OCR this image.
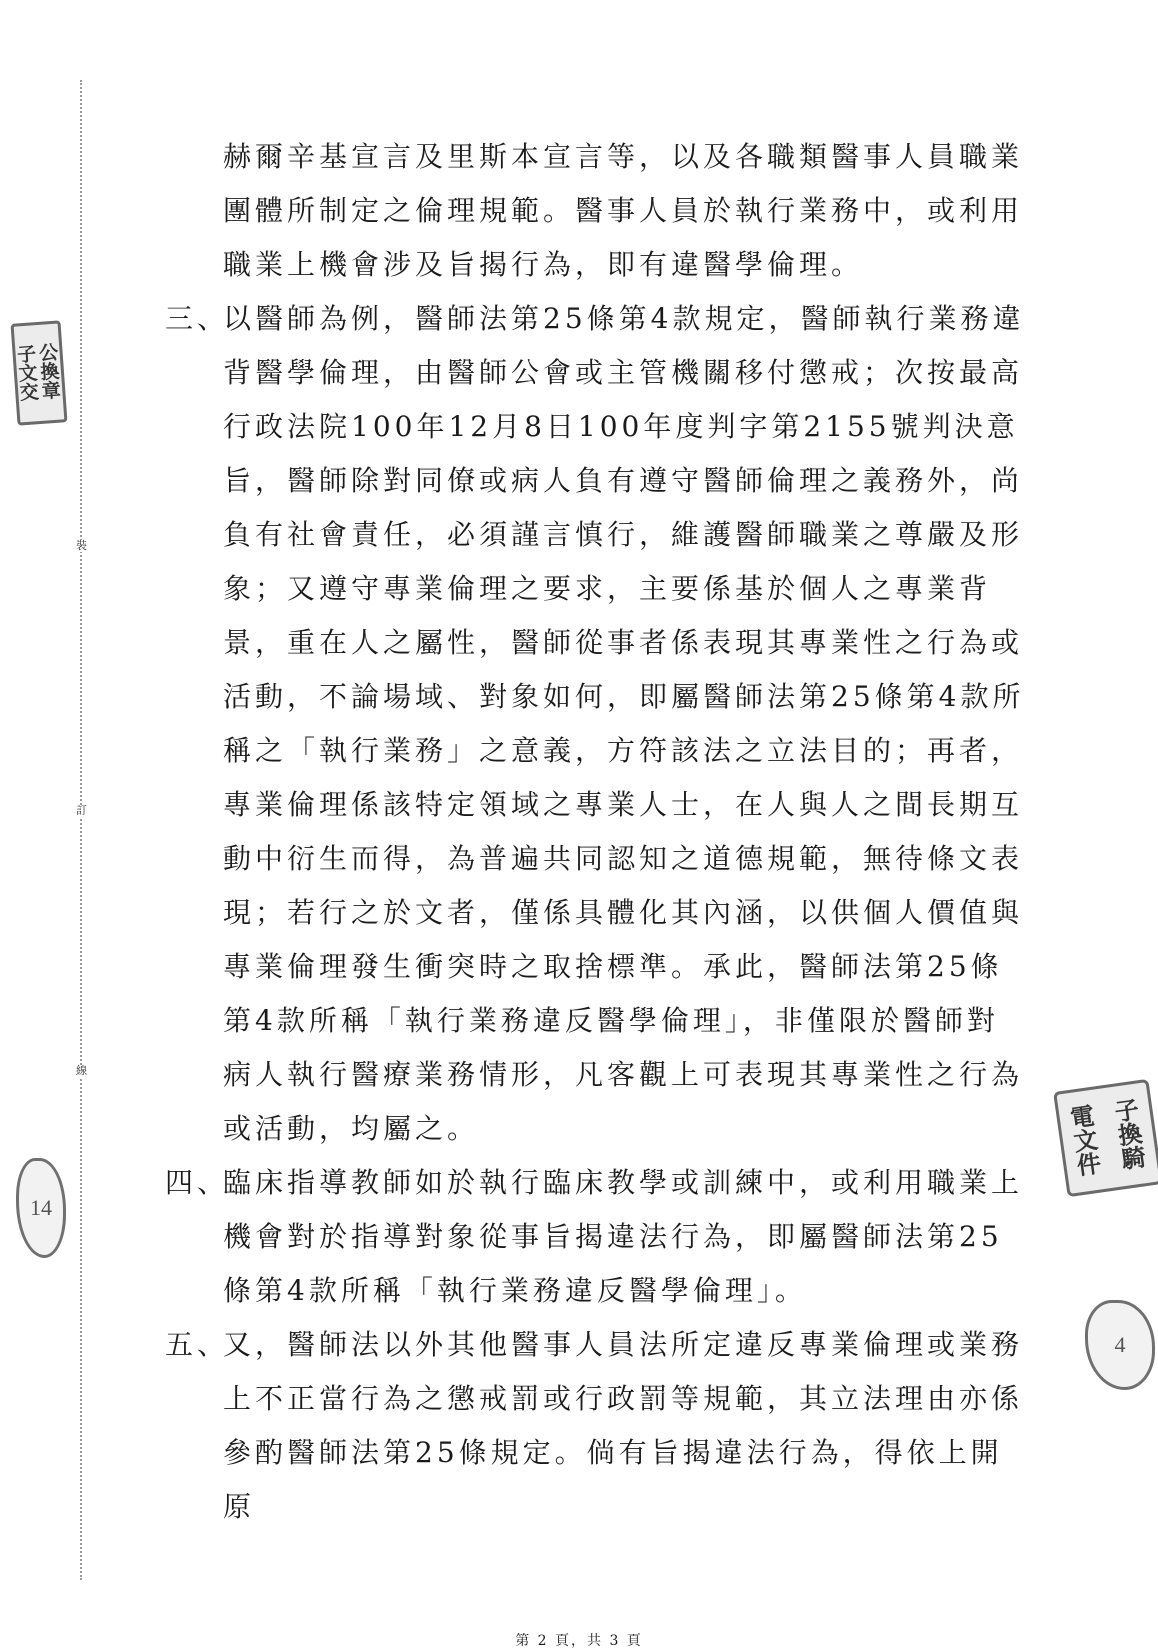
裝
訂
線
子 公
文 換
交 章
電 子
文 換
件 騎
14
4

赫爾辛基宣言及里斯本宣言等，以及各職類醫事人員職業團體所制定之倫理規範。醫事人員於執行業務中，或利用職業上機會涉及旨揭行為，即有違醫學倫理。

三、

以醫師為例，醫師法第25條第4款規定，醫師執行業務違背醫學倫理，由醫師公會或主管機關移付懲戒；次按最高行政法院100年12月8日100年度判字第2155號判決意旨，醫師除對同僚或病人負有遵守醫師倫理之義務外，尚負有社會責任，必須謹言慎行，維護醫師職業之尊嚴及形象；又遵守專業倫理之要求，主要係基於個人之專業背景，重在人之屬性，醫師從事者係表現其專業性之行為或活動，不論場域、對象如何，即屬醫師法第25條第4款所稱之「執行業務」之意義，方符該法之立法目的；再者，專業倫理係該特定領域之專業人士，在人與人之間長期互動中衍生而得，為普遍共同認知之道德規範，無待條文表現；若行之於文者，僅係具體化其內涵，以供個人價值與專業倫理發生衝突時之取捨標準。承此，醫師法第25條第4款所稱「執行業務違反醫學倫理」，非僅限於醫師對病人執行醫療業務情形，凡客觀上可表現其專業性之行為或活動，均屬之。

四、

臨床指導教師如於執行臨床教學或訓練中，或利用職業上機會對於指導對象從事旨揭違法行為，即屬醫師法第25條第4款所稱「執行業務違反醫學倫理」。

五、

又，醫師法以外其他醫事人員法所定違反專業倫理或業務上不正當行為之懲戒罰或行政罰等規範，其立法理由亦係參酌醫師法第25條規定。倘有旨揭違法行為，得依上開原

第 2 頁，共 3 頁
